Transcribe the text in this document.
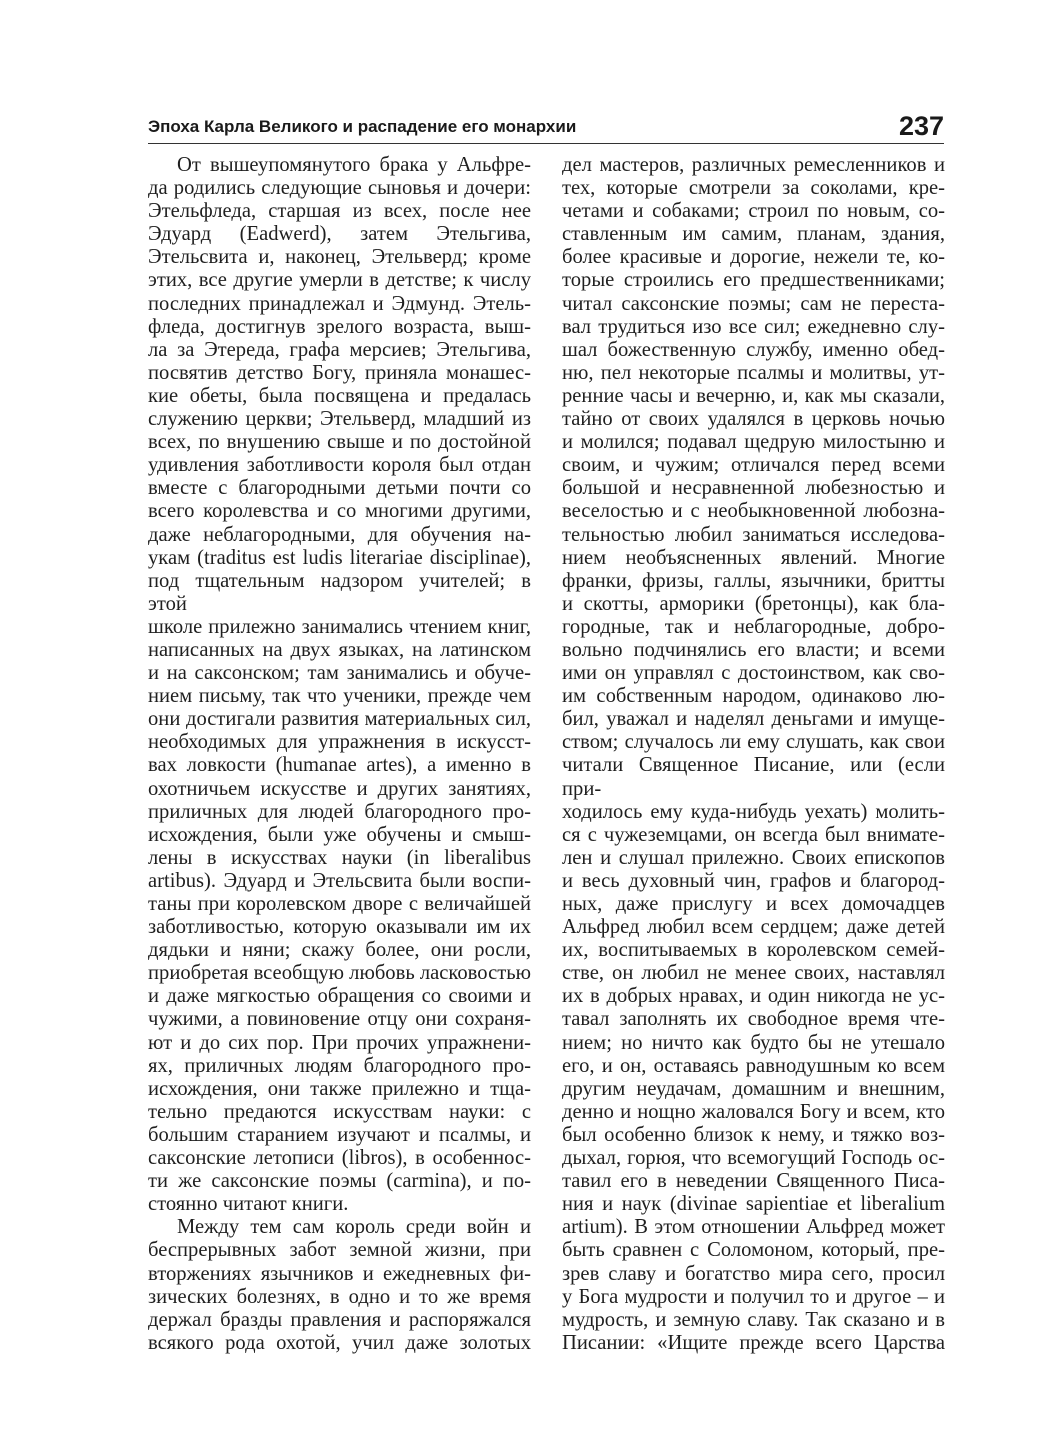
Эпоха Карла Великого и распадение его монархии	237

От вышеупомянутого брака у Альфре-

да родились следующие сыновья и дочери:

Этельфледа, старшая из всех, после нее

Эдуард (Eadwerd), затем Этельгива,

Этельсвита и, наконец, Этельверд; кроме

этих, все другие умерли в детстве; к числу

последних принадлежал и Эдмунд. Этель-

фледа, достигнув зрелого возраста, выш-

ла за Этереда, графа мерсиев; Этельгива,

посвятив детство Богу, приняла монашес-

кие обеты, была посвящена и предалась

служению церкви; Этельверд, младший из

всех, по внушению свыше и по достойной

удивления заботливости короля был отдан

вместе с благородными детьми почти со

всего королевства и со многими другими,

даже неблагородными, для обучения на-

укам (traditus est ludis literariae disciplinae),

под тщательным надзором учителей; в этой

школе прилежно занимались чтением книг,

написанных на двух языках, на латинском

и на саксонском; там занимались и обуче-

нием письму, так что ученики, прежде чем

они достигали развития материальных сил,

необходимых для упражнения в искусст-

вах ловкости (humanae artes), а именно в

охотничьем искусстве и других занятиях,

приличных для людей благородного про-

исхождения, были уже обучены и смыш-

лены в искусствах науки (in liberalibus

artibus). Эдуард и Этельсвита были воспи-

таны при королевском дворе с величайшей

заботливостью, которую оказывали им их

дядьки и няни; скажу более, они росли,

приобретая всеобщую любовь ласковостью

и даже мягкостью обращения со своими и

чужими, а повиновение отцу они сохраня-

ют и до сих пор. При прочих упражнени-

ях, приличных людям благородного про-

исхождения, они также прилежно и тща-

тельно предаются искусствам науки: с

большим старанием изучают и псалмы, и

саксонские летописи (libros), в особеннос-

ти же саксонские поэмы (carmina), и по-

стоянно читают книги.

Между тем сам король среди войн и

беспрерывных забот земной жизни, при

вторжениях язычников и ежедневных фи-

зических болезнях, в одно и то же время

держал бразды правления и распоряжался

всякого рода охотой, учил даже золотых

дел мастеров, различных ремесленников и

тех, которые смотрели за соколами, кре-

четами и собаками; строил по новым, со-

ставленным им самим, планам, здания,

более красивые и дорогие, нежели те, ко-

торые строились его предшественниками;

читал саксонские поэмы; сам не переста-

вал трудиться изо все сил; ежедневно слу-

шал божественную службу, именно обед-

ню, пел некоторые псалмы и молитвы, ут-

ренние часы и вечерню, и, как мы сказали,

тайно от своих удалялся в церковь ночью

и молился; подавал щедрую милостыню и

своим, и чужим; отличался перед всеми

большой и несравненной любезностью и

веселостью и с необыкновенной любозна-

тельностью любил заниматься исследова-

нием необъясненных явлений. Многие

франки, фризы, галлы, язычники, бритты

и скотты, арморики (бретонцы), как бла-

городные, так и неблагородные, добро-

вольно подчинялись его власти; и всеми

ими он управлял с достоинством, как сво-

им собственным народом, одинаково лю-

бил, уважал и наделял деньгами и имуще-

ством; случалось ли ему слушать, как свои

читали Священное Писание, или (если при-

ходилось ему куда-нибудь уехать) молить-

ся с чужеземцами, он всегда был внимате-

лен и слушал прилежно. Своих епископов

и весь духовный чин, графов и благород-

ных, даже прислугу и всех домочадцев

Альфред любил всем сердцем; даже детей

их, воспитываемых в королевском семей-

стве, он любил не менее своих, наставлял

их в добрых нравах, и один никогда не ус-

тавал заполнять их свободное время чте-

нием; но ничто как будто бы не утешало

его, и он, оставаясь равнодушным ко всем

другим неудачам, домашним и внешним,

денно и нощно жаловался Богу и всем, кто

был особенно близок к нему, и тяжко воз-

дыхал, горюя, что всемогущий Господь ос-

тавил его в неведении Священного Писа-

ния и наук (divinae sapientiae et liberalium

artium). В этом отношении Альфред может

быть сравнен с Соломоном, который, пре-

зрев славу и богатство мира сего, просил

у Бога мудрости и получил то и другое – и

мудрость, и земную славу. Так сказано и в

Писании: «Ищите прежде всего Царства
